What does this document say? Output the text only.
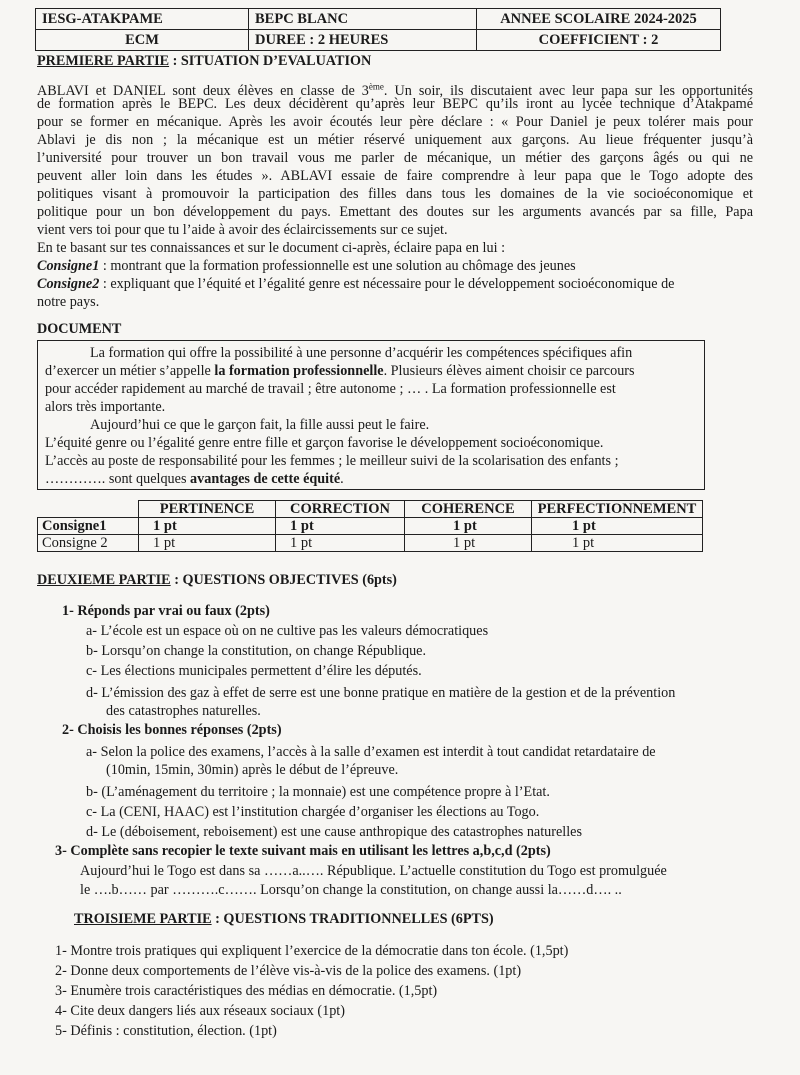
IESG-ATAKPAME	BEPC BLANC	ANNEE SCOLAIRE 2024-2025
ECM	DUREE : 2 HEURES	COEFFICIENT : 2
PREMIERE PARTIE : SITUATION D’EVALUATION
ABLAVI et DANIEL sont deux élèves en classe de 3ème. Un soir, ils discutaient avec leur papa sur les opportunités
de formation après le BEPC. Les deux décidèrent qu’après leur BEPC qu’ils iront au lycée technique d’Atakpamé
pour se former en mécanique. Après les avoir écoutés leur père déclare : « Pour Daniel je peux tolérer mais pour
Ablavi je dis non ; la mécanique est un métier réservé uniquement aux garçons. Au lieue fréquenter jusqu’à
l’université pour trouver un bon travail vous me parler de mécanique, un métier des garçons âgés ou qui ne
peuvent aller loin dans les études ». ABLAVI essaie de faire comprendre à leur papa que le Togo adopte des
politiques visant à promouvoir la participation des filles dans tous les domaines de la vie socioéconomique et
politique pour un bon développement du pays. Emettant des doutes sur les arguments avancés par sa fille, Papa
vient vers toi pour que tu l’aide à avoir des éclaircissements sur ce sujet.
En te basant sur tes connaissances et sur le document ci-après, éclaire papa en lui :
Consigne1 : montrant que la formation professionnelle est une solution au chômage des jeunes
Consigne2 : expliquant que l’équité et l’égalité genre est nécessaire pour le développement socioéconomique de
notre pays.
DOCUMENT
La formation qui offre la possibilité à une personne d’acquérir les compétences spécifiques afin
d’exercer un métier s’appelle la formation professionnelle. Plusieurs élèves aiment choisir ce parcours
pour accéder rapidement au marché de travail ; être autonome ; … . La formation professionnelle est
alors très importante.
Aujourd’hui ce que le garçon fait, la fille aussi peut le faire.
L’équité genre ou l’égalité genre entre fille et garçon favorise le développement socioéconomique.
L’accès au poste de responsabilité pour les femmes ; le meilleur suivi de la scolarisation des enfants ;
…………. sont quelques avantages de cette équité.
	PERTINENCE	CORRECTION	COHERENCE	PERFECTIONNEMENT
Consigne1	1 pt	1 pt	1 pt	1 pt
Consigne 2	1 pt	1 pt	1 pt	1 pt
DEUXIEME PARTIE : QUESTIONS OBJECTIVES (6pts)
1- Réponds par vrai ou faux (2pts)
a- L’école est un espace où on ne cultive pas les valeurs démocratiques
b- Lorsqu’on change la constitution, on change République.
c- Les élections municipales permettent d’élire les députés.
d- L’émission des gaz à effet de serre est une bonne pratique en matière de la gestion et de la prévention
des catastrophes naturelles.
2- Choisis les bonnes réponses (2pts)
a- Selon la police des examens, l’accès à la salle d’examen est interdit à tout candidat retardataire de
(10min, 15min, 30min) après le début de l’épreuve.
b- (L’aménagement du territoire ; la monnaie) est une compétence propre à l’Etat.
c- La (CENI, HAAC) est l’institution chargée d’organiser les élections au Togo.
d- Le (déboisement, reboisement) est une cause anthropique des catastrophes naturelles
3- Complète sans recopier le texte suivant mais en utilisant les lettres a,b,c,d (2pts)
Aujourd’hui le Togo est dans sa ……a..…. République. L’actuelle constitution du Togo est promulguée
le ….b…… par ……….c……. Lorsqu’on change la constitution, on change aussi la……d…. ..
TROISIEME PARTIE : QUESTIONS TRADITIONNELLES (6PTS)
1- Montre trois pratiques qui expliquent l’exercice de la démocratie dans ton école. (1,5pt)
2- Donne deux comportements de l’élève vis-à-vis de la police des examens. (1pt)
3- Enumère trois caractéristiques des médias en démocratie. (1,5pt)
4- Cite deux dangers liés aux réseaux sociaux (1pt)
5- Définis : constitution, élection. (1pt)
